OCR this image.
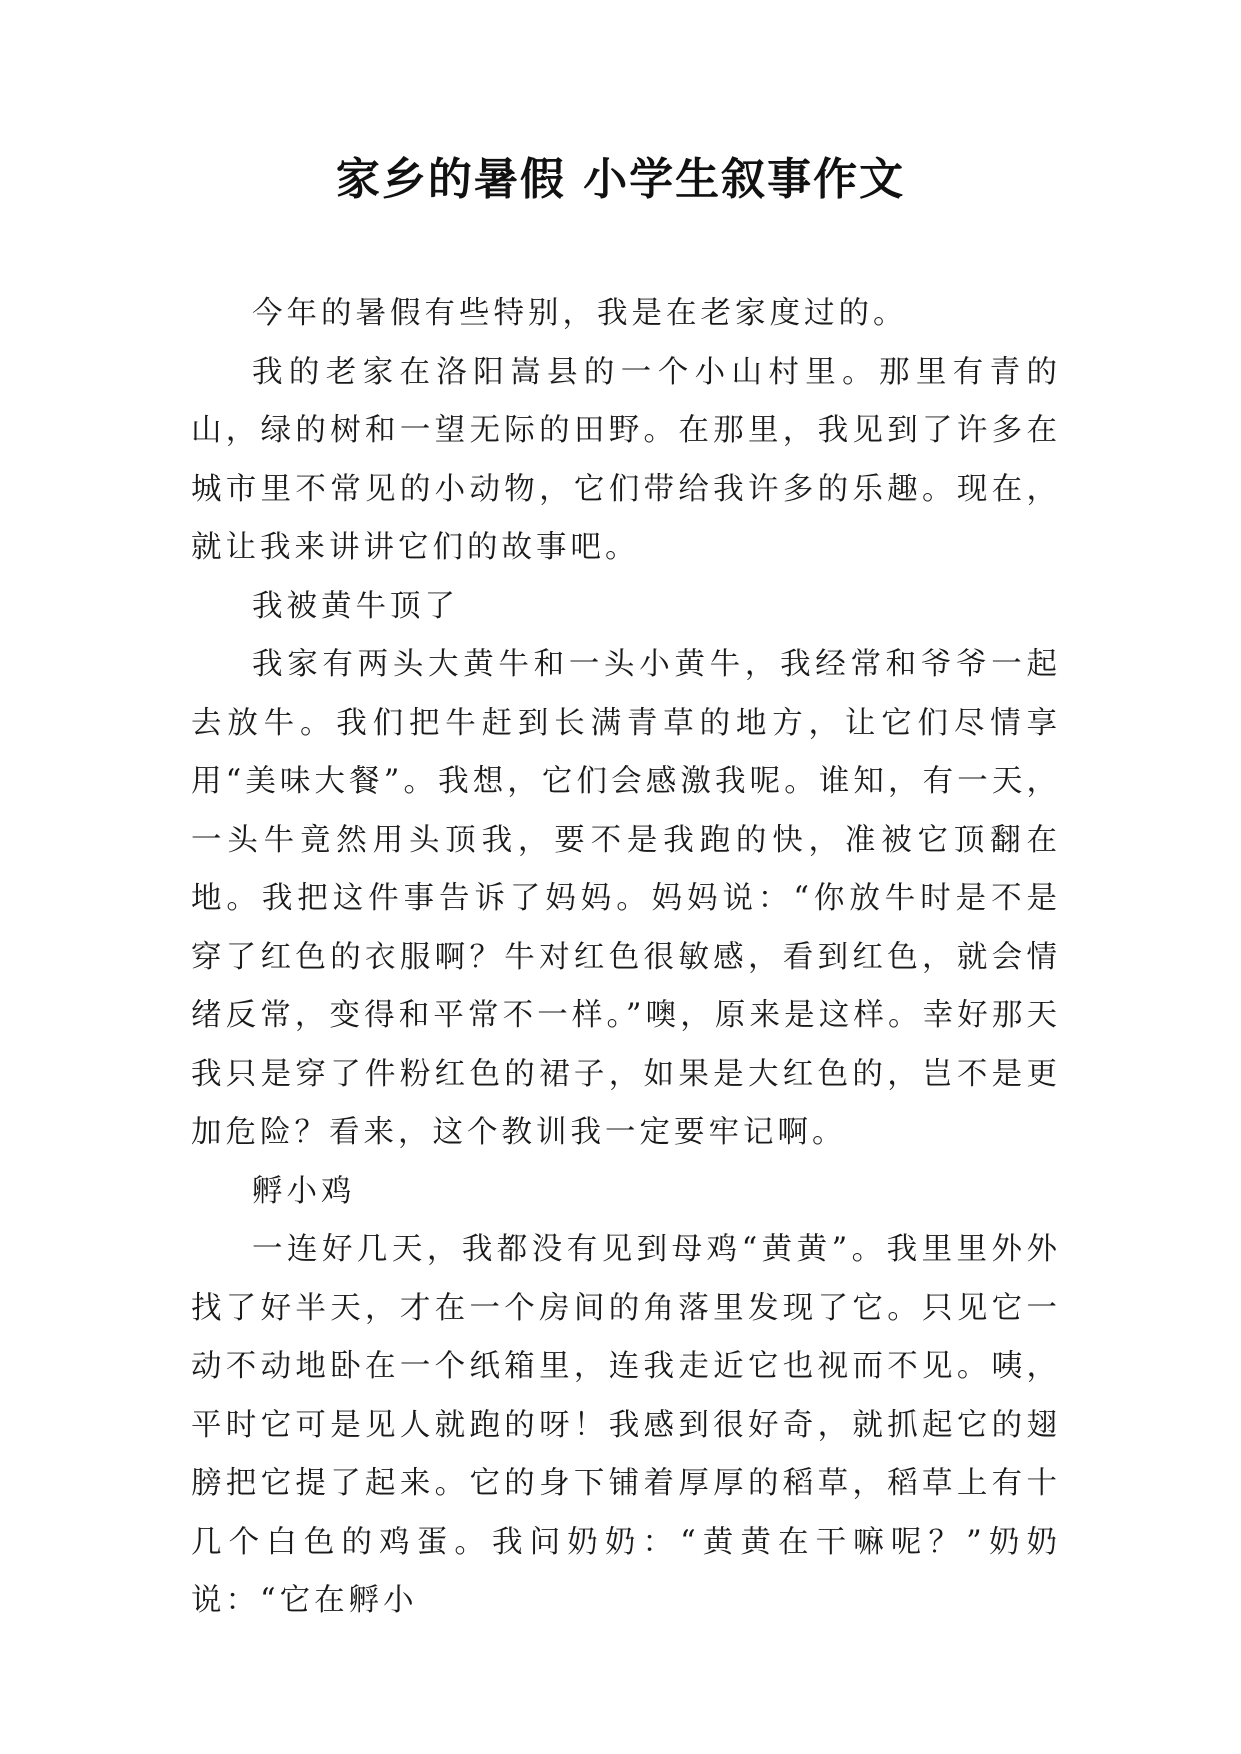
家乡的暑假 小学生叙事作文

今年的暑假有些特别，我是在老家度过的。

我的老家在洛阳嵩县的一个小山村里。那里有青的山，绿的树和一望无际的田野。在那里，我见到了许多在城市里不常见的小动物，它们带给我许多的乐趣。现在，就让我来讲讲它们的故事吧。

我被黄牛顶了

我家有两头大黄牛和一头小黄牛，我经常和爷爷一起去放牛。我们把牛赶到长满青草的地方，让它们尽情享用“美味大餐”。我想，它们会感激我呢。谁知，有一天，一头牛竟然用头顶我，要不是我跑的快，准被它顶翻在地。我把这件事告诉了妈妈。妈妈说：“你放牛时是不是穿了红色的衣服啊？牛对红色很敏感，看到红色，就会情绪反常，变得和平常不一样。”噢，原来是这样。幸好那天我只是穿了件粉红色的裙子，如果是大红色的，岂不是更加危险？看来，这个教训我一定要牢记啊。

孵小鸡

一连好几天，我都没有见到母鸡“黄黄”。我里里外外找了好半天，才在一个房间的角落里发现了它。只见它一动不动地卧在一个纸箱里，连我走近它也视而不见。咦，平时它可是见人就跑的呀！我感到很好奇，就抓起它的翅膀把它提了起来。它的身下铺着厚厚的稻草，稻草上有十几个白色的鸡蛋。我问奶奶：“黄黄在干嘛呢？”奶奶说：“它在孵小
